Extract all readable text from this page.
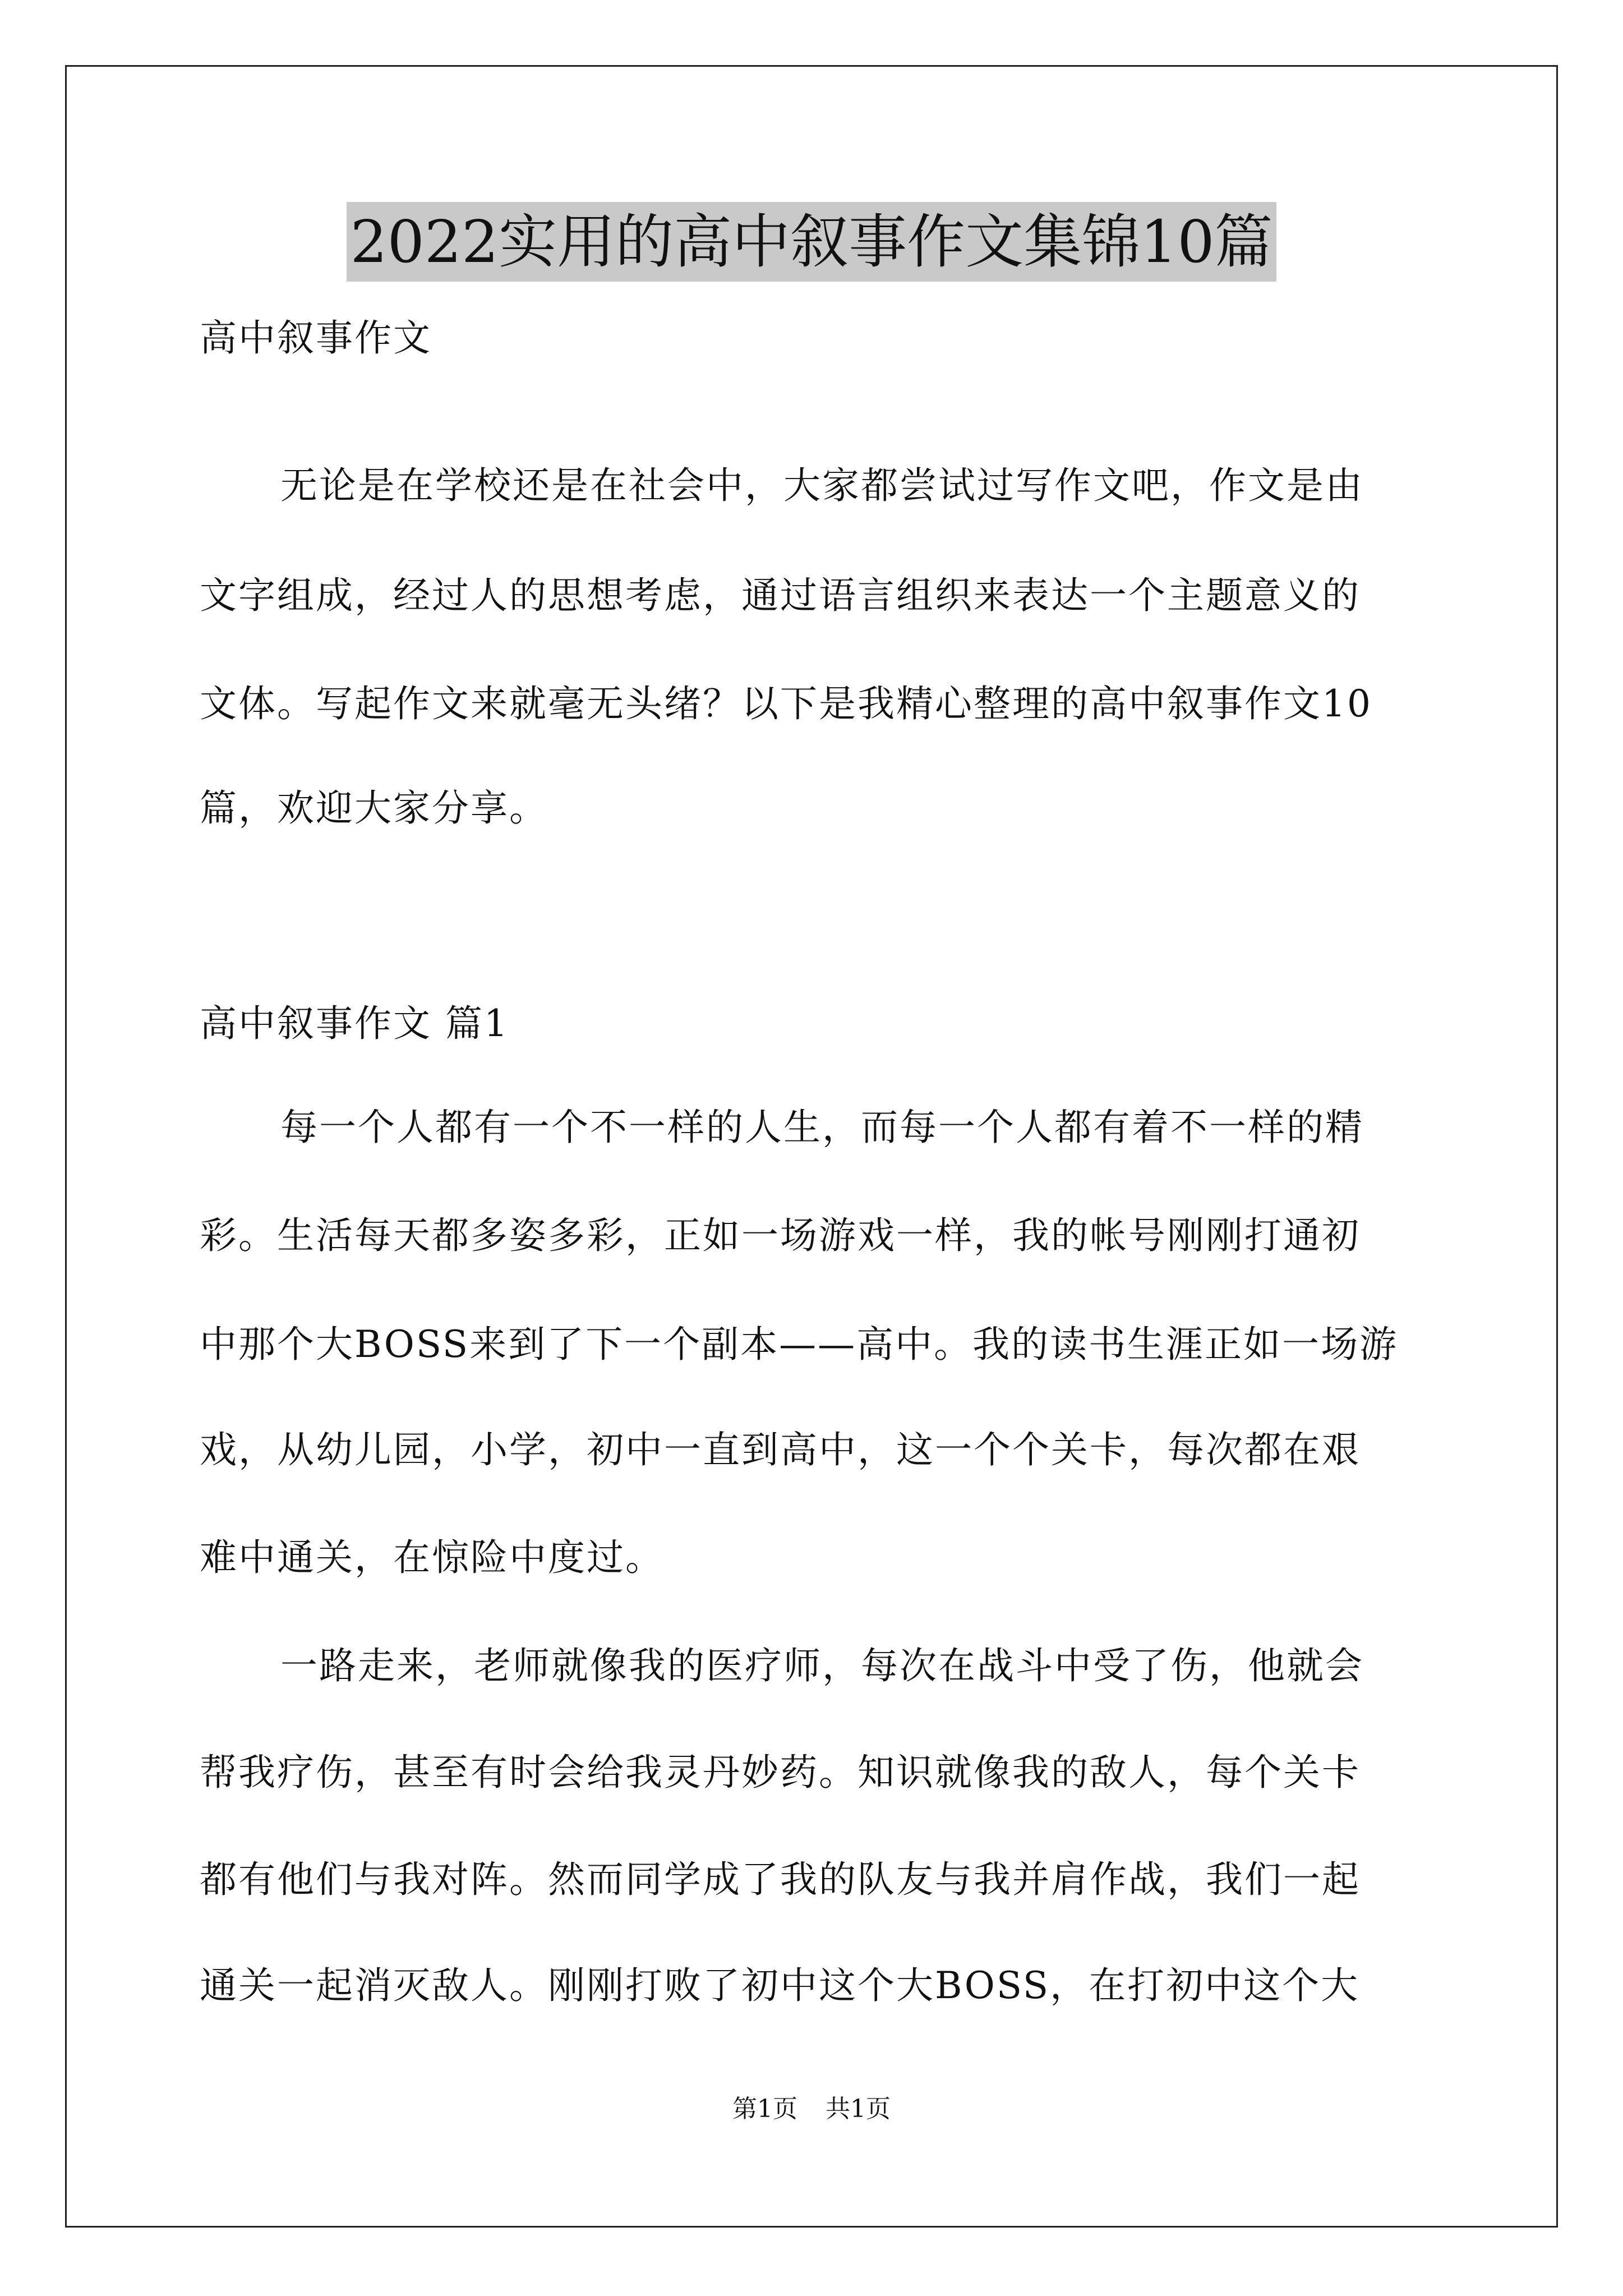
2022实用的高中叙事作文集锦10篇
高中叙事作文
无论是在学校还是在社会中，大家都尝试过写作文吧，作文是由
文字组成，经过人的思想考虑，通过语言组织来表达一个主题意义的
文体。写起作文来就毫无头绪？以下是我精心整理的高中叙事作文10
篇，欢迎大家分享。
高中叙事作文 篇1
每一个人都有一个不一样的人生，而每一个人都有着不一样的精
彩。生活每天都多姿多彩，正如一场游戏一样，我的帐号刚刚打通初
中那个大BOSS来到了下一个副本——高中。我的读书生涯正如一场游
戏，从幼儿园，小学，初中一直到高中，这一个个关卡，每次都在艰
难中通关，在惊险中度过。
一路走来，老师就像我的医疗师，每次在战斗中受了伤，他就会
帮我疗伤，甚至有时会给我灵丹妙药。知识就像我的敌人，每个关卡
都有他们与我对阵。然而同学成了我的队友与我并肩作战，我们一起
通关一起消灭敌人。刚刚打败了初中这个大BOSS，在打初中这个大
第1页 共1页
